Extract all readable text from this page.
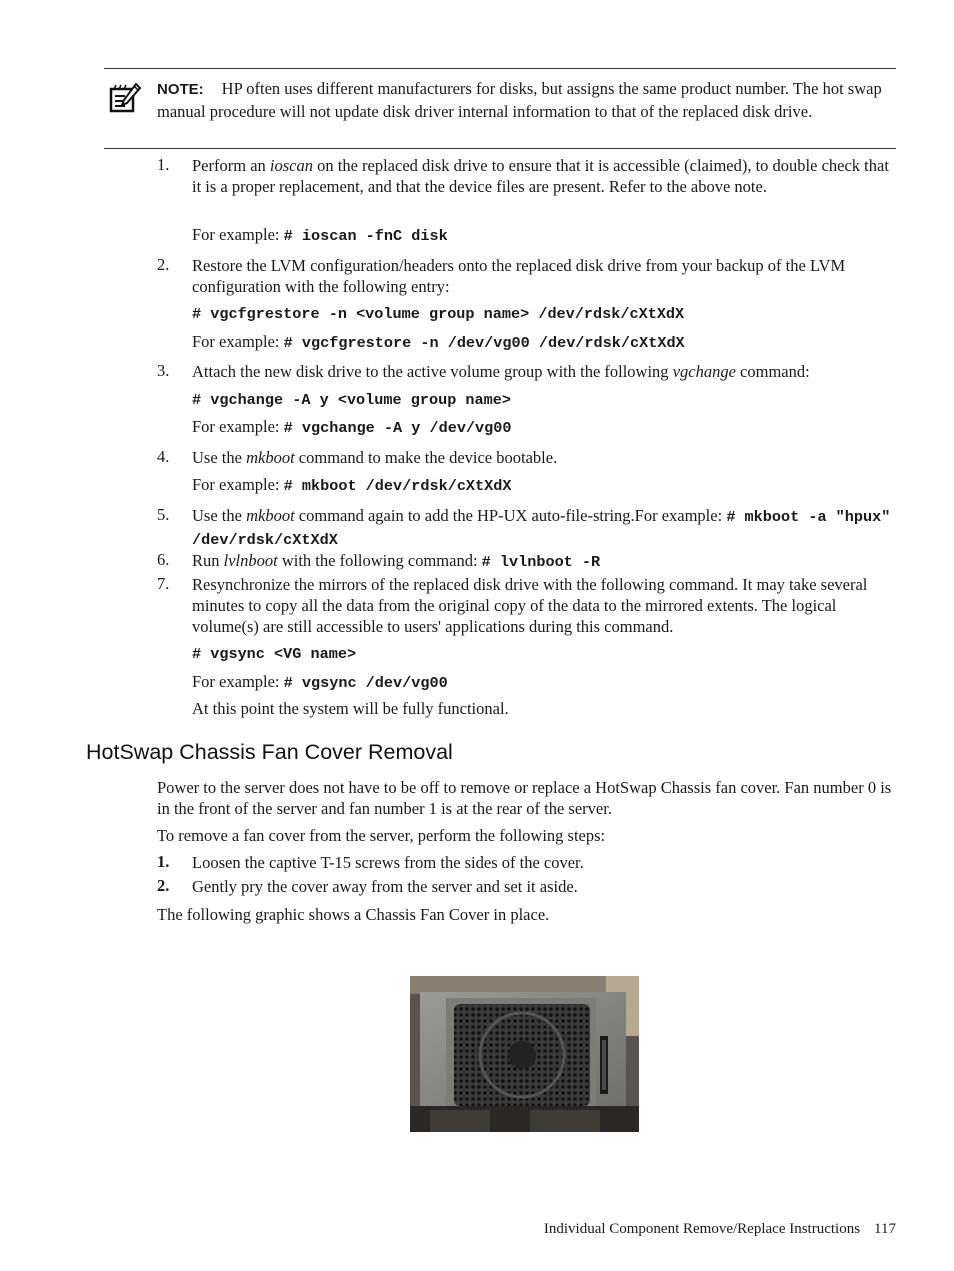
NOTE: HP often uses different manufacturers for disks, but assigns the same product number. The hot swap manual procedure will not update disk driver internal information to that of the replaced disk drive.
1.	Perform an ioscan on the replaced disk drive to ensure that it is accessible (claimed), to double check that it is a proper replacement, and that the device files are present. Refer to the above note.
For example: # ioscan -fnC disk
2.	Restore the LVM configuration/headers onto the replaced disk drive from your backup of the LVM configuration with the following entry:
# vgcfgrestore -n <volume group name> /dev/rdsk/cXtXdX
For example: # vgcfgrestore -n /dev/vg00 /dev/rdsk/cXtXdX
3.	Attach the new disk drive to the active volume group with the following vgchange command:
# vgchange -A y <volume group name>
For example: # vgchange -A y /dev/vg00
4.	Use the mkboot command to make the device bootable.
For example: # mkboot /dev/rdsk/cXtXdX
5.	Use the mkboot command again to add the HP-UX auto-file-string.For example: # mkboot -a "hpux" /dev/rdsk/cXtXdX
6.	Run lvlnboot with the following command: # lvlnboot -R
7.	Resynchronize the mirrors of the replaced disk drive with the following command. It may take several minutes to copy all the data from the original copy of the data to the mirrored extents. The logical volume(s) are still accessible to users' applications during this command.
# vgsync <VG name>
For example: # vgsync /dev/vg00
At this point the system will be fully functional.
HotSwap Chassis Fan Cover Removal
Power to the server does not have to be off to remove or replace a HotSwap Chassis fan cover. Fan number 0 is in the front of the server and fan number 1 is at the rear of the server.
To remove a fan cover from the server, perform the following steps:
1. Loosen the captive T-15 screws from the sides of the cover.
2. Gently pry the cover away from the server and set it aside.
The following graphic shows a Chassis Fan Cover in place.
Individual Component Remove/Replace Instructions 117
